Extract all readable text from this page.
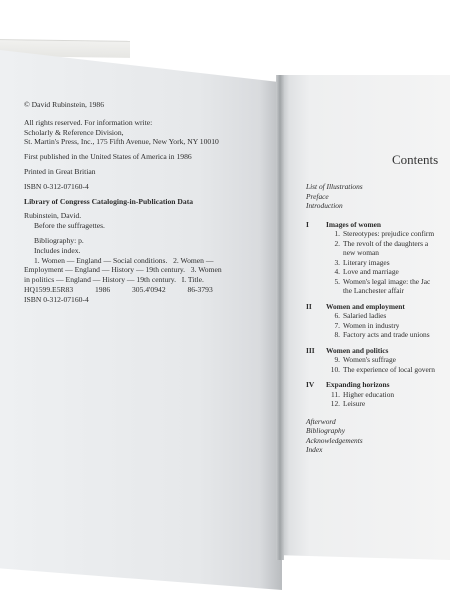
© David Rubinstein, 1986

All rights reserved. For information write:

Scholarly & Reference Division,

St. Martin's Press, Inc., 175 Fifth Avenue, New York, NY 10010

First published in the United States of America in 1986

Printed in Great Britian

ISBN 0-312-07160-4

Library of Congress Cataloging-in-Publication Data

Rubinstein, David.

Before the suffragettes.

Bibliography: p.

Includes index.

1. Women — England — Social conditions.   2. Women —

Employment — England — History — 19th century.   3. Women

in politics — England — History — 19th century.   I. Title.

HQ1599.E5R83	1986	305.4'0942	86-3793

ISBN 0-312-07160-4

Contents
List of Illustrations
Preface
Introduction
I	Images of women
1. Stereotypes: prejudice confirm
2. The revolt of the daughters a
new woman
3. Literary images
4. Love and marriage
5. Women's legal image: the Jac
the Lanchester affair
II	Women and employment
6. Salaried ladies
7. Women in industry
8. Factory acts and trade unions
III	Women and politics
9. Women's suffrage
10. The experience of local govern
IV	Expanding horizons
11. Higher education
12. Leisure
Afterword
Bibliography
Acknowledgements
Index
